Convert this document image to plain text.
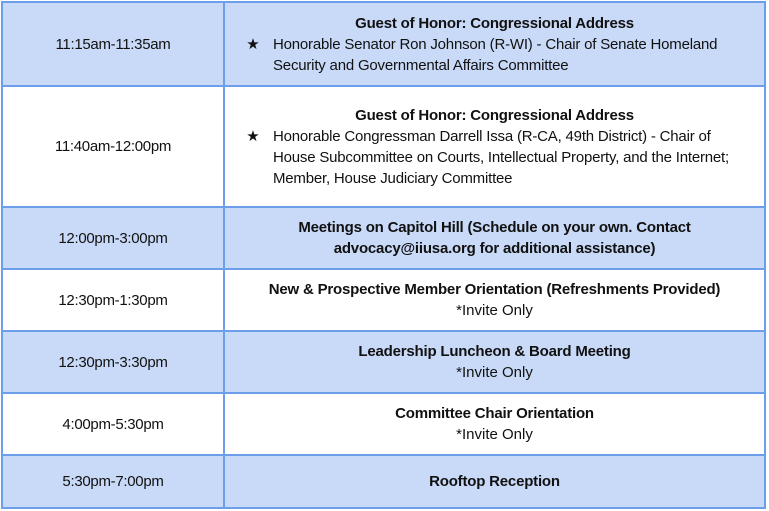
11:15am-11:35am	Guest of Honor: Congressional Address
★ Honorable Senator Ron Johnson (R-WI) - Chair of Senate Homeland Security and Governmental Affairs Committee

11:40am-12:00pm	Guest of Honor: Congressional Address
★ Honorable Congressman Darrell Issa (R-CA, 49th District) - Chair of House Subcommittee on Courts, Intellectual Property, and the Internet; Member, House Judiciary Committee

12:00pm-3:00pm	Meetings on Capitol Hill (Schedule on your own. Contact advocacy@iiusa.org for additional assistance)

12:30pm-1:30pm	New & Prospective Member Orientation (Refreshments Provided)
*Invite Only

12:30pm-3:30pm	Leadership Luncheon & Board Meeting
*Invite Only

4:00pm-5:30pm	Committee Chair Orientation
*Invite Only

5:30pm-7:00pm	Rooftop Reception
